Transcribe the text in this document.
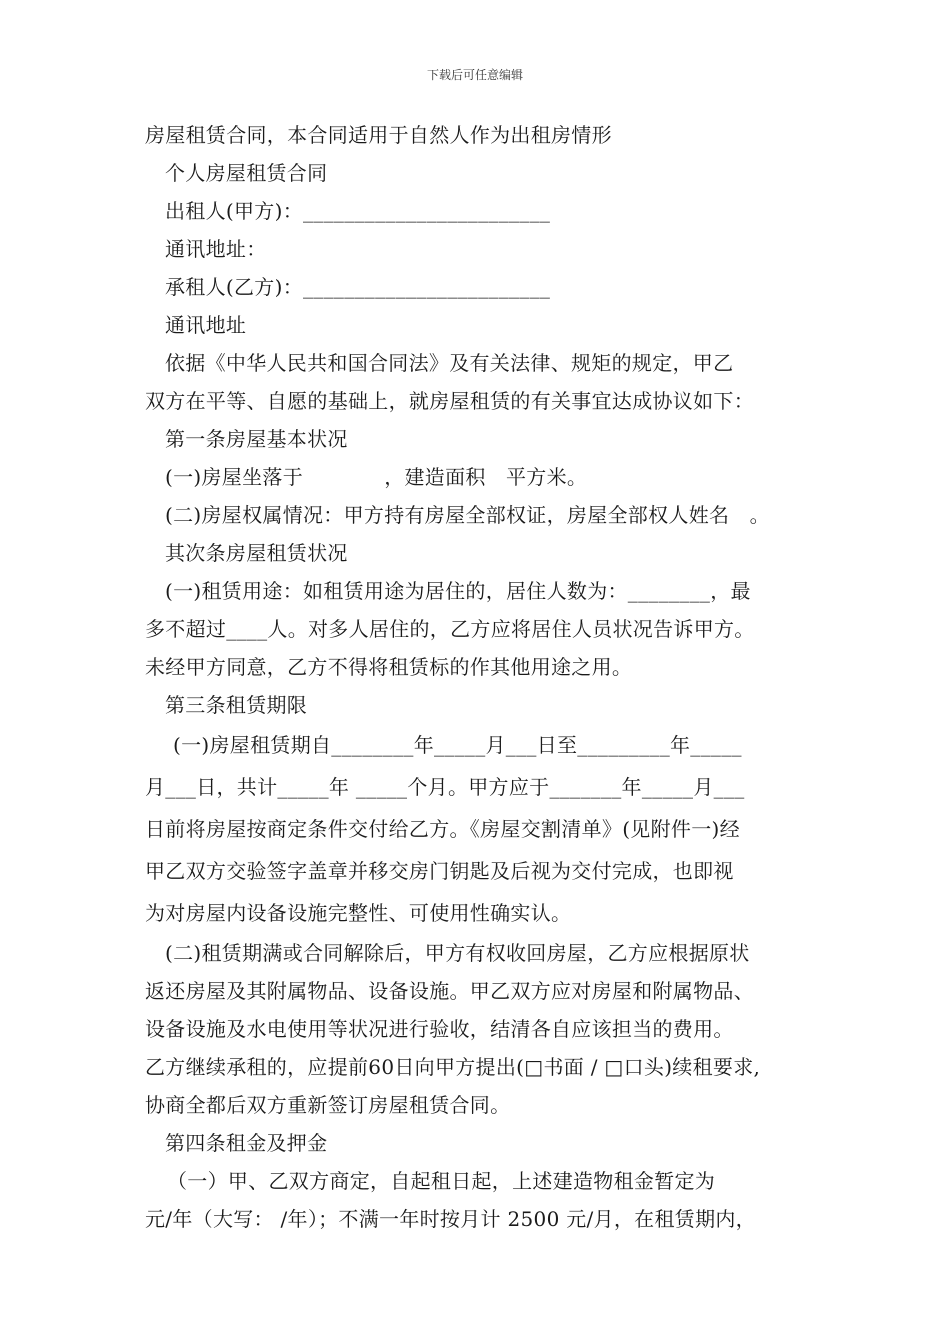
下载后可任意编辑

房屋租赁合同，本合同适用于自然人作为出租房情形

个人房屋租赁合同

出租人(甲方)：________________________

通讯地址：

承租人(乙方)：________________________

通讯地址

依据《中华人民共和国合同法》及有关法律、规矩的规定，甲乙

双方在平等、自愿的基础上，就房屋租赁的有关事宜达成协议如下：

第一条房屋基本状况

(一)房屋坐落于　　　　，建造面积　平方米。

(二)房屋权属情况：甲方持有房屋全部权证，房屋全部权人姓名　。

其次条房屋租赁状况

(一)租赁用途：如租赁用途为居住的，居住人数为：________，最

多不超过____人。对多人居住的，乙方应将居住人员状况告诉甲方。

未经甲方同意，乙方不得将租赁标的作其他用途之用。

第三条租赁期限

(一)房屋租赁期自________年_____月___日至_________年_____

月___日，共计_____年 _____个月。甲方应于_______年_____月___

日前将房屋按商定条件交付给乙方。《房屋交割清单》(见附件一)经

甲乙双方交验签字盖章并移交房门钥匙及后视为交付完成，也即视

为对房屋内设备设施完整性、可使用性确实认。

(二)租赁期满或合同解除后，甲方有权收回房屋，乙方应根据原状

返还房屋及其附属物品、设备设施。甲乙双方应对房屋和附属物品、

设备设施及水电使用等状况进行验收，结清各自应该担当的费用。

乙方继续承租的，应提前60日向甲方提出(□书面 / □口头)续租要求,

协商全都后双方重新签订房屋租赁合同。

第四条租金及押金

（一）甲、乙双方商定，自起租日起，上述建造物租金暂定为

元/年（大写： /年）；不满一年时按月计 2500 元/月，在租赁期内，
